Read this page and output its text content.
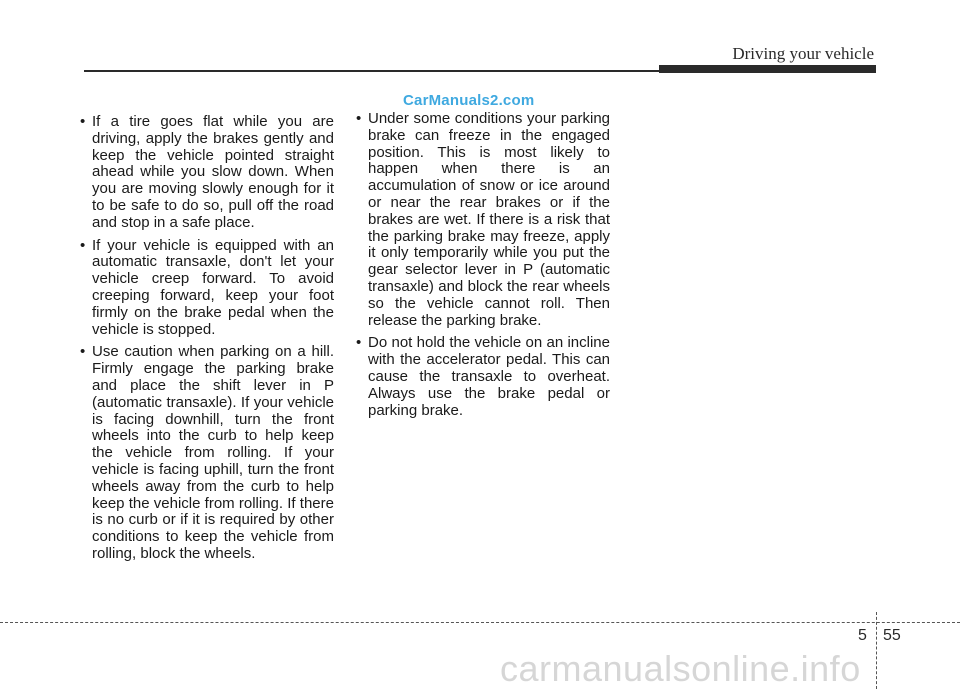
Driving your vehicle
CarManuals2.com
• If a tire goes flat while you are driving, apply the brakes gently and keep the vehicle pointed straight ahead while you slow down. When you are moving slowly enough for it to be safe to do so, pull off the road and stop in a safe place.
• If your vehicle is equipped with an automatic transaxle, don't let your vehicle creep forward. To avoid creeping forward, keep your foot firmly on the brake pedal when the vehicle is stopped.
• Use caution when parking on a hill. Firmly engage the parking brake and place the shift lever in P (automatic transaxle). If your vehicle is facing downhill, turn the front wheels into the curb to help keep the vehicle from rolling. If your vehicle is facing uphill, turn the front wheels away from the curb to help keep the vehicle from rolling. If there is no curb or if it is required by other conditions to keep the vehicle from rolling, block the wheels.
• Under some conditions your parking brake can freeze in the engaged position. This is most likely to happen when there is an accumulation of snow or ice around or near the rear brakes or if the brakes are wet. If there is a risk that the parking brake may freeze, apply it only temporarily while you put the gear selector lever in P (automatic transaxle) and block the rear wheels so the vehicle cannot roll. Then release the parking brake.
• Do not hold the vehicle on an incline with the accelerator pedal. This can cause the transaxle to overheat. Always use the brake pedal or parking brake.
5 55
carmanualsonline.info
